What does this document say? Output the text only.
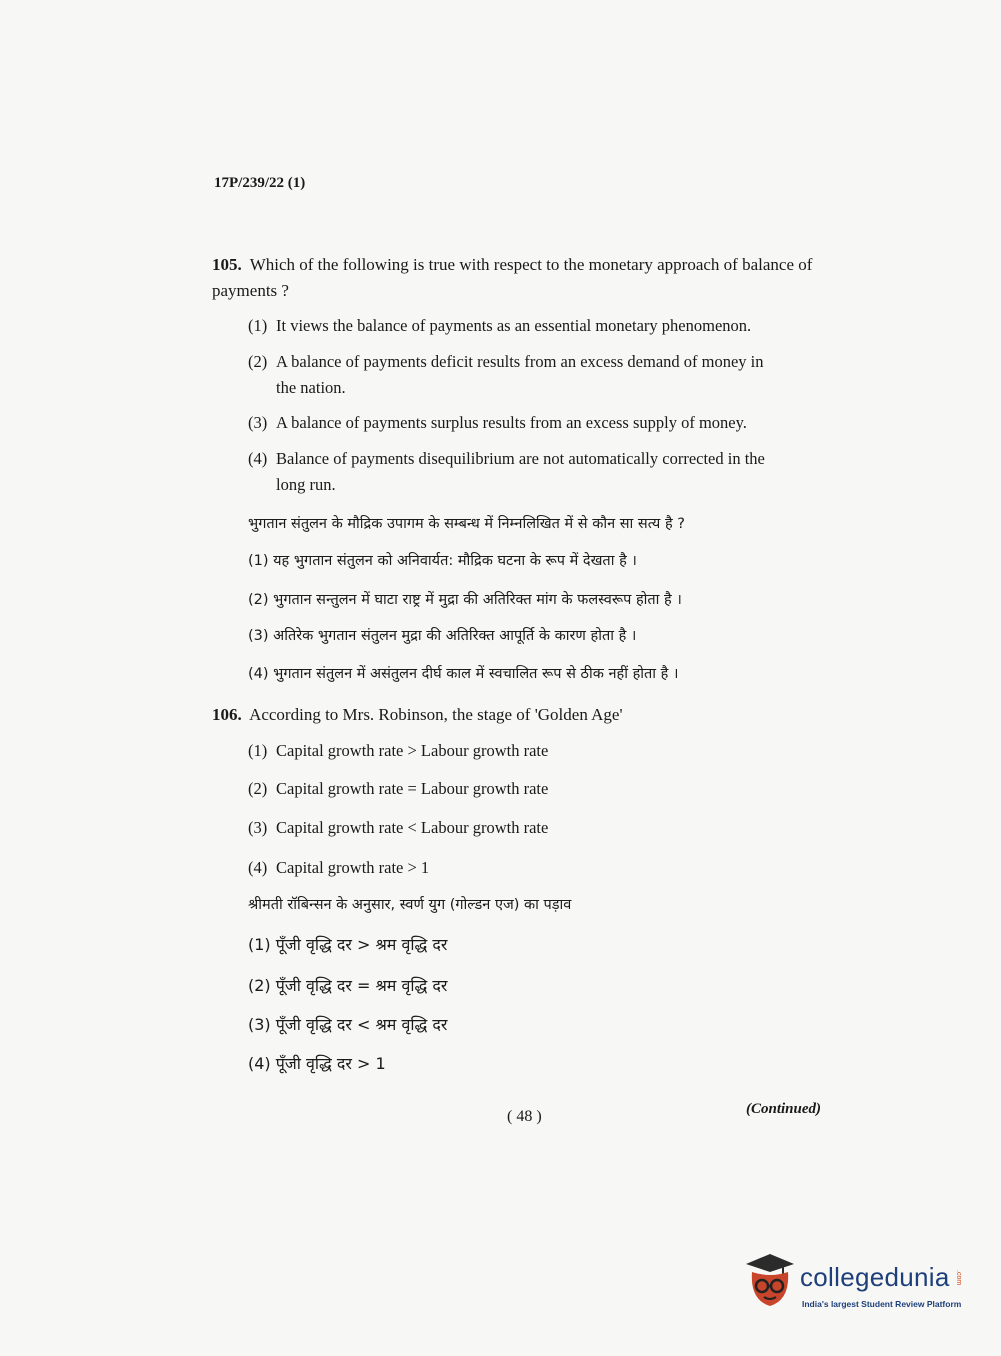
17P/239/22 (1)
105. Which of the following is true with respect to the monetary approach of balance of payments ?
(1) It views the balance of payments as an essential monetary phenomenon.
(2) A balance of payments deficit results from an excess demand of money in
the nation.
(3) A balance of payments surplus results from an excess supply of money.
(4) Balance of payments disequilibrium are not automatically corrected in the
long run.
भुगतान संतुलन के मौद्रिक उपागम के सम्बन्ध में निम्नलिखित में से कौन सा सत्य है ?
(1) यह भुगतान संतुलन को अनिवार्यत: मौद्रिक घटना के रूप में देखता है ।
(2) भुगतान सन्तुलन में घाटा राष्ट्र में मुद्रा की अतिरिक्त मांग के फलस्वरूप होता है ।
(3) अतिरेक भुगतान संतुलन मुद्रा की अतिरिक्त आपूर्ति के कारण होता है ।
(4) भुगतान संतुलन में असंतुलन दीर्घ काल में स्वचालित रूप से ठीक नहीं होता है ।
106. According to Mrs. Robinson, the stage of 'Golden Age'
(1) Capital growth rate > Labour growth rate
(2) Capital growth rate = Labour growth rate
(3) Capital growth rate < Labour growth rate
(4) Capital growth rate > 1
श्रीमती रॉबिन्सन के अनुसार, स्वर्ण युग (गोल्डन एज) का पड़ाव
(1) पूँजी वृद्धि दर > श्रम वृद्धि दर
(2) पूँजी वृद्धि दर = श्रम वृद्धि दर
(3) पूँजी वृद्धि दर < श्रम वृद्धि दर
(4) पूँजी वृद्धि दर > 1
( 48 )	(Continued)
collegedunia .com
India's largest Student Review Platform
